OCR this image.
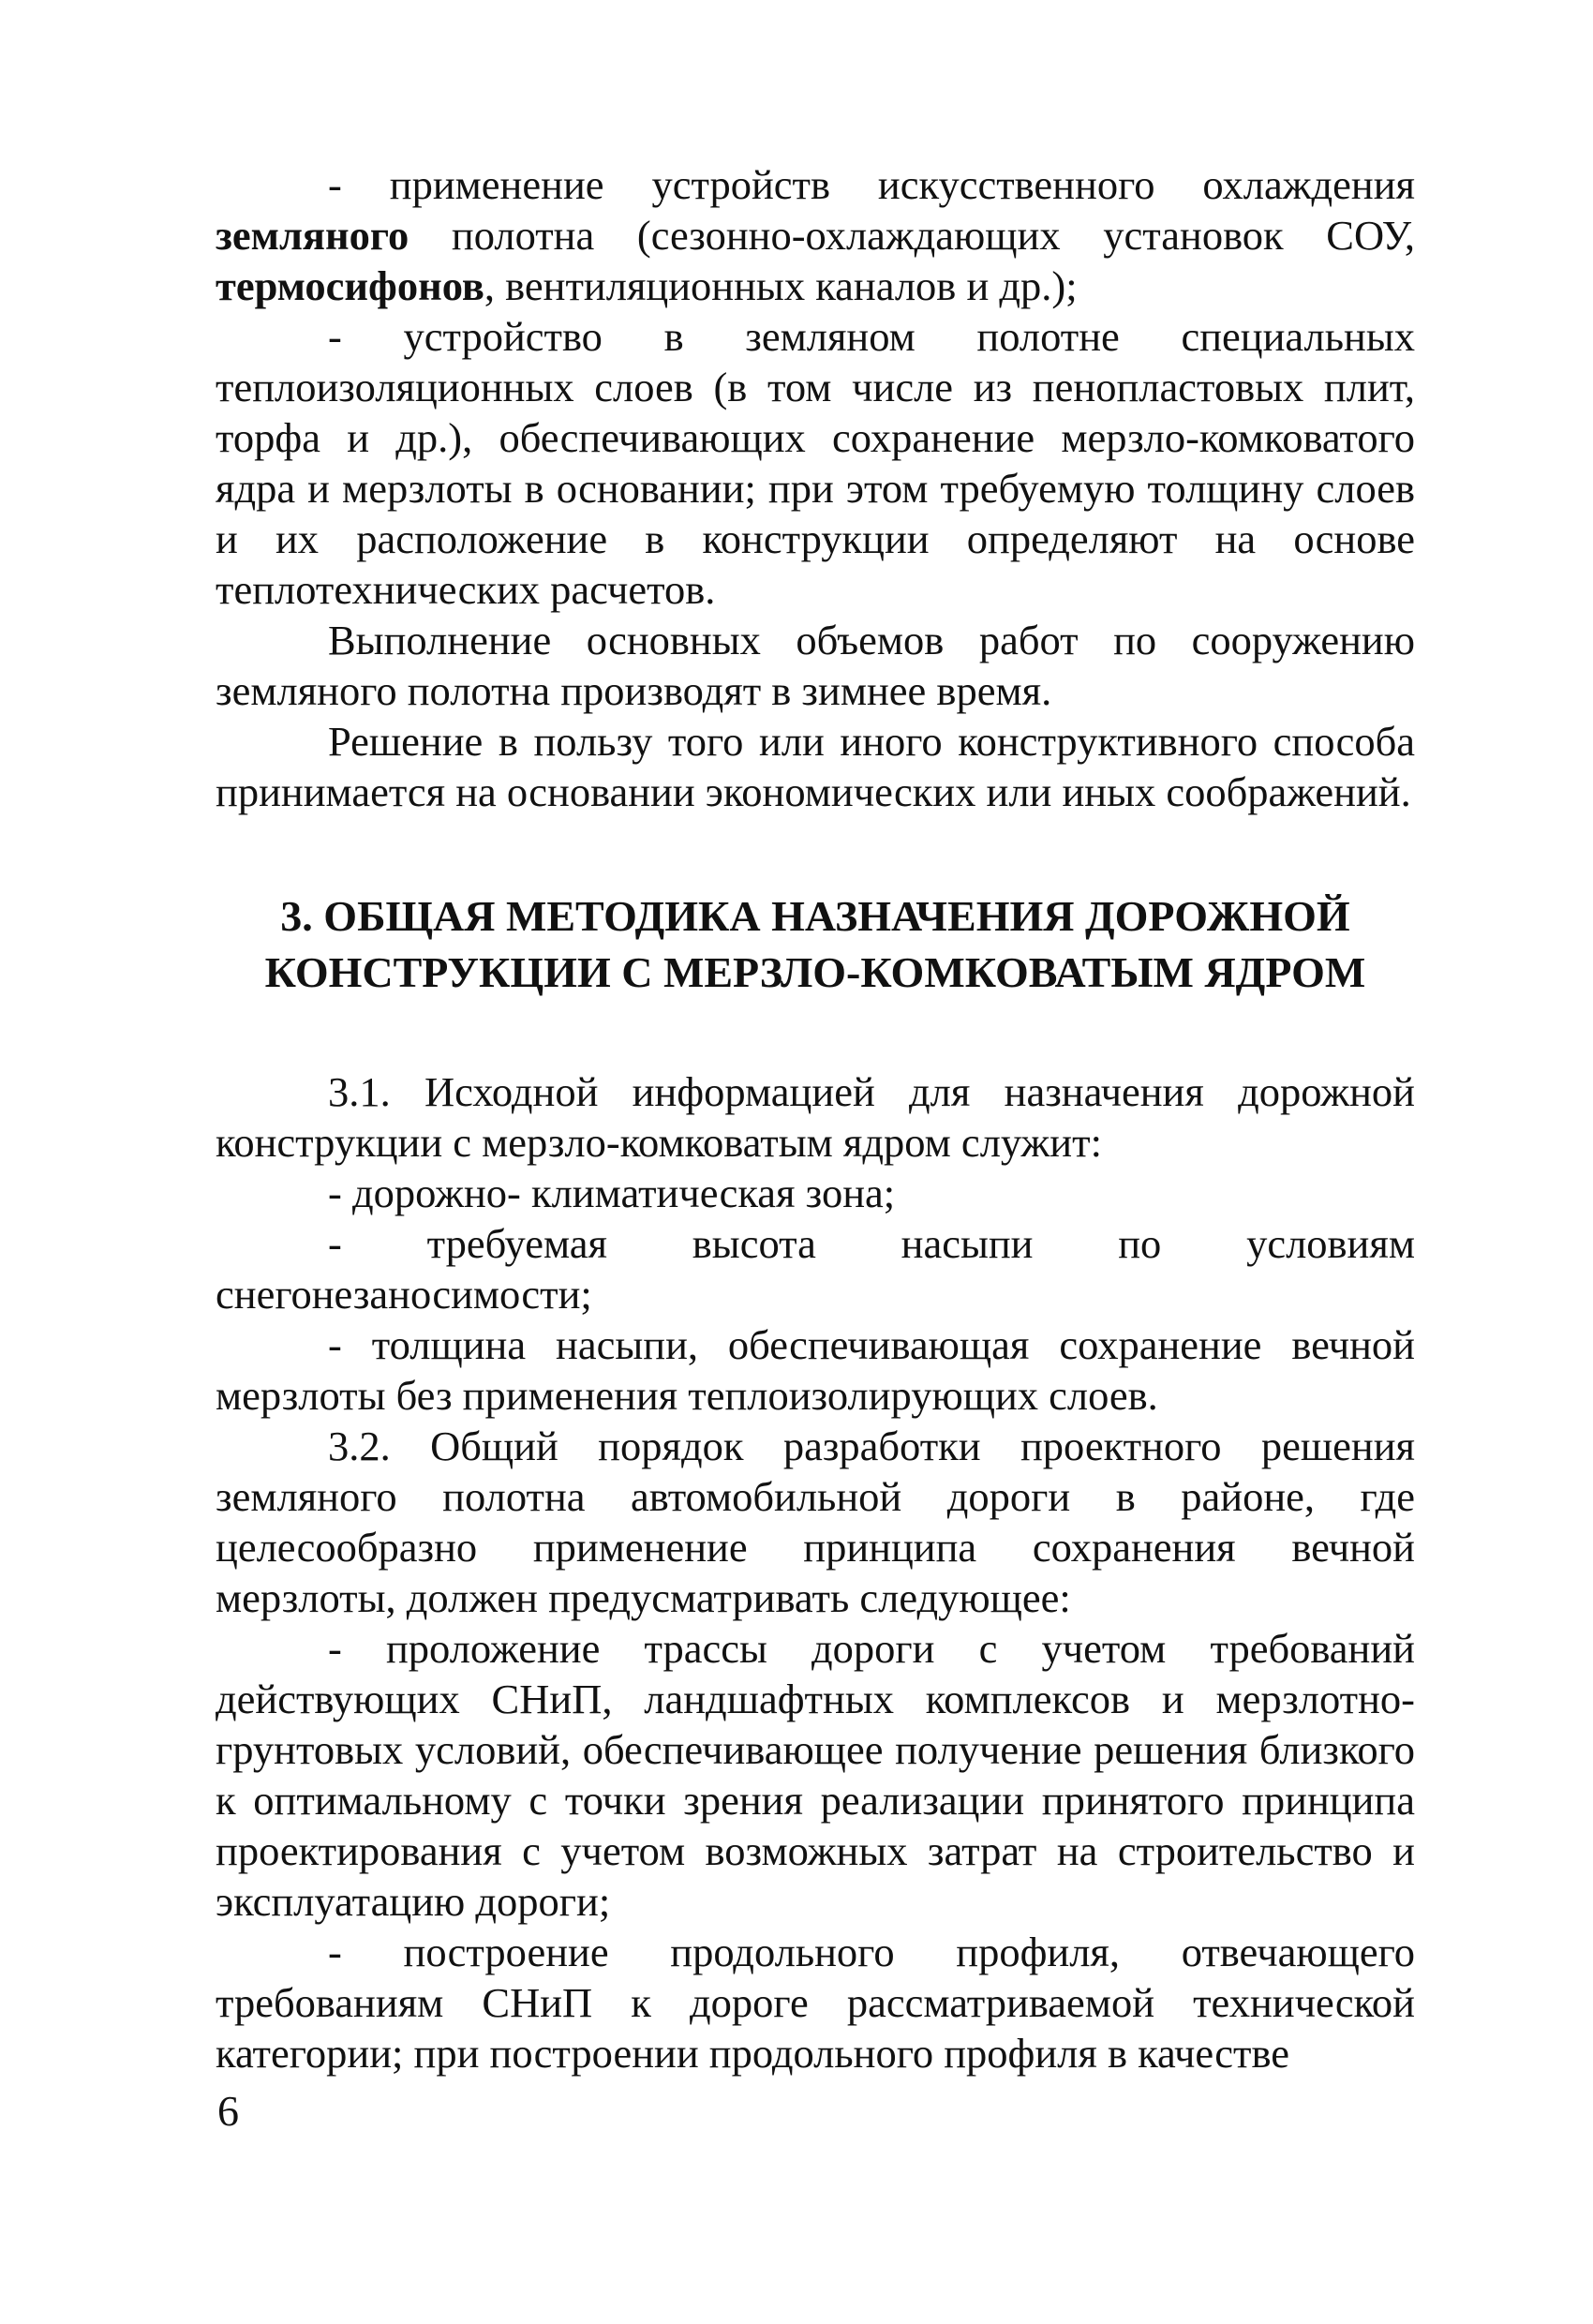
- применение устройств искусственного охлаждения земляного полотна (сезонно-охлаждающих установок СОУ, термосифонов, вентиляционных каналов и др.);

- устройство в земляном полотне специальных теплоизоляционных слоев (в том числе из пенопластовых плит, торфа и др.), обеспечивающих сохранение мерзло-комковатого ядра и мерзлоты в основании; при этом требуемую толщину слоев и их расположение в конструкции определяют на основе теплотехнических расчетов.

Выполнение основных объемов работ по сооружению земляного полотна производят в зимнее время.

Решение в пользу того или иного конструктивного способа принимается на основании экономических или иных соображений.

3. ОБЩАЯ МЕТОДИКА НАЗНАЧЕНИЯ ДОРОЖНОЙ
КОНСТРУКЦИИ С МЕРЗЛО-КОМКОВАТЫМ ЯДРОМ

3.1. Исходной информацией для назначения дорожной конструкции с мерзло-комковатым ядром служит:

- дорожно- климатическая зона;

- требуемая высота насыпи по условиям снегонезаносимости;

- толщина насыпи, обеспечивающая сохранение вечной мерзлоты без применения теплоизолирующих слоев.

3.2. Общий порядок разработки проектного решения земляного полотна автомобильной дороги в районе, где целесообразно применение принципа сохранения вечной мерзлоты, должен предусматривать следующее:

- проложение трассы дороги с учетом требований действующих СНиП, ландшафтных комплексов и мерзлотно-грунтовых условий, обеспечивающее получение решения близкого к оптимальному с точки зрения реализации принятого принципа проектирования с учетом возможных затрат на строительство и эксплуатацию дороги;

- построение продольного профиля, отвечающего требованиям СНиП к дороге рассматриваемой технической категории; при построении продольного профиля в качестве

6
